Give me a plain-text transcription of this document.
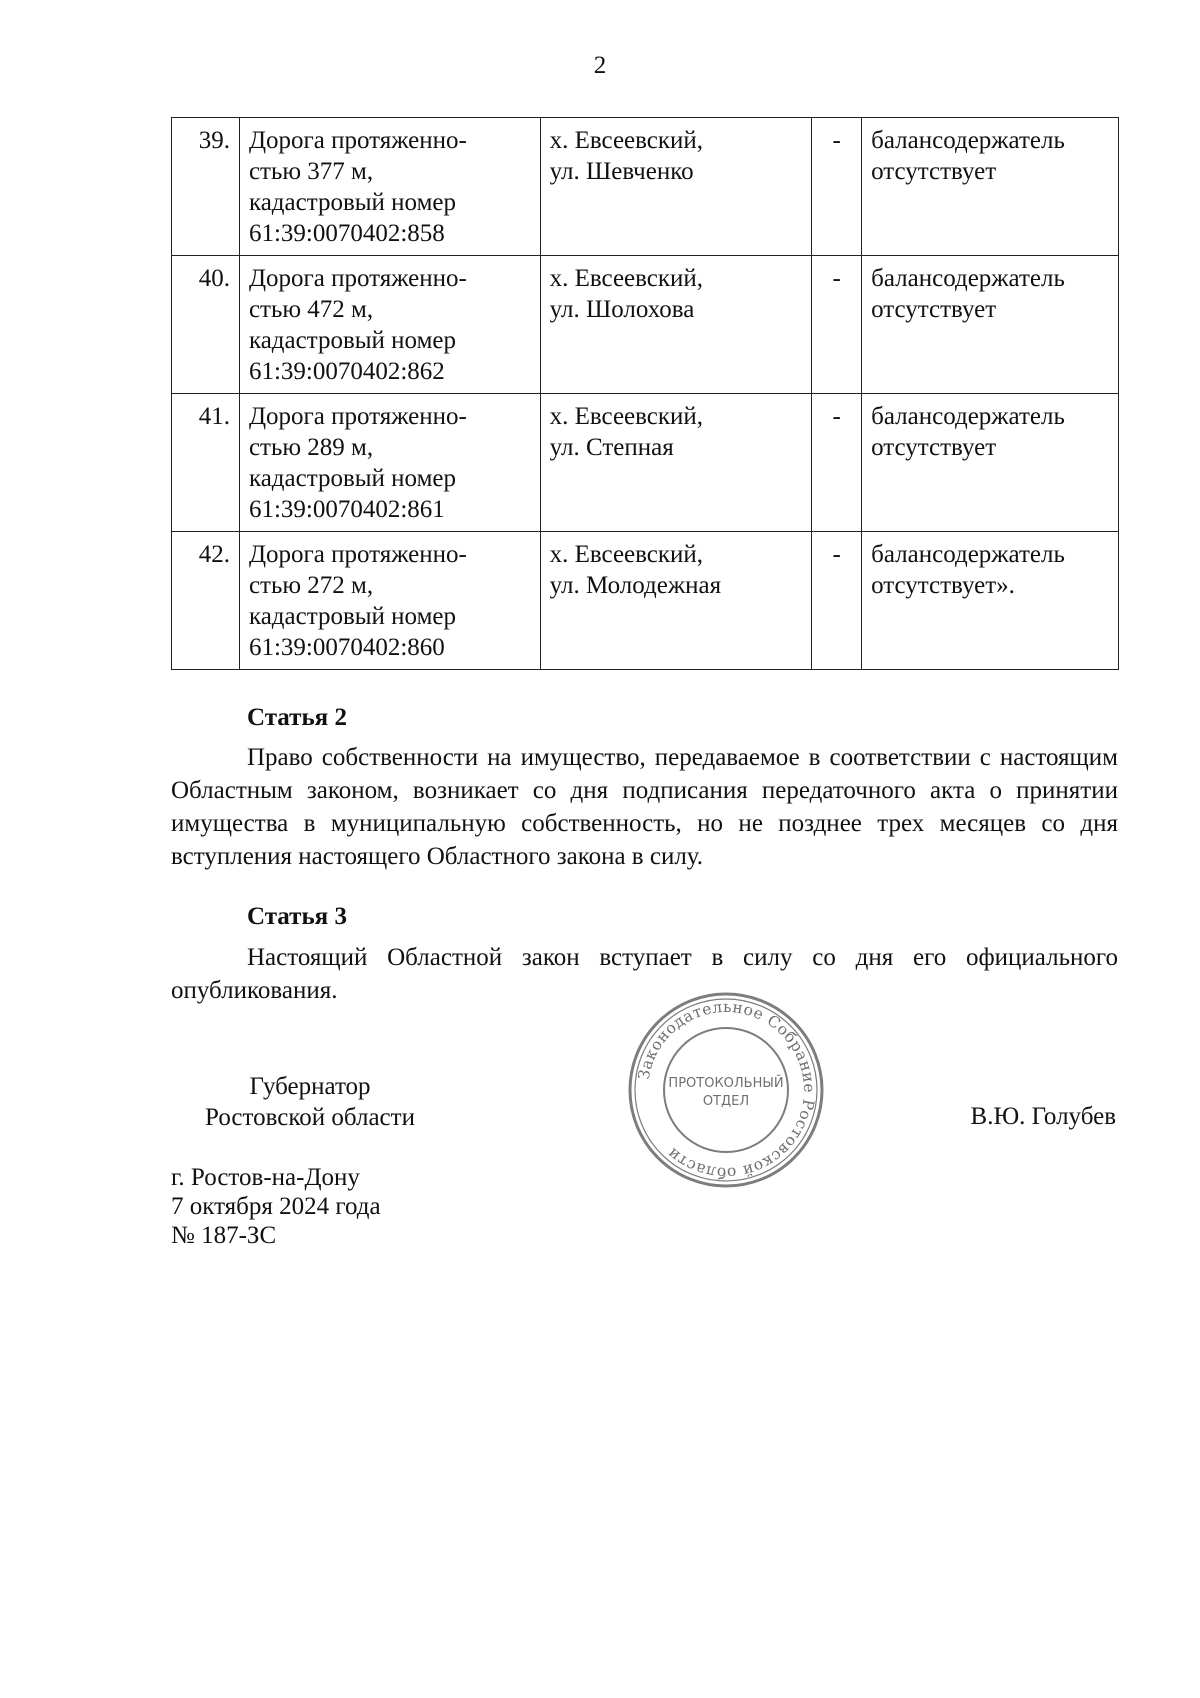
2
39.	Дорога протяженно-
стью 377 м,
кадастровый номер
61:39:0070402:858	х. Евсеевский,
ул. Шевченко	-	балансодержатель
отсутствует
40.	Дорога протяженно-
стью 472 м,
кадастровый номер
61:39:0070402:862	х. Евсеевский,
ул. Шолохова	-	балансодержатель
отсутствует
41.	Дорога протяженно-
стью 289 м,
кадастровый номер
61:39:0070402:861	х. Евсеевский,
ул. Степная	-	балансодержатель
отсутствует
42.	Дорога протяженно-
стью 272 м,
кадастровый номер
61:39:0070402:860	х. Евсеевский,
ул. Молодежная	-	балансодержатель
отсутствует».
Статья 2

Право собственности на имущество, передаваемое в соответствии с настоящим Областным законом, возникает со дня подписания передаточного акта о принятии имущества в муниципальную собственность, но не позднее трех месяцев со дня вступления настоящего Областного закона в силу.

Статья 3

Настоящий Областной закон вступает в силу со дня его официального опубликования.

Губернатор
Ростовской области	В.Ю. Голубев
Законодательное Собрание Ростовской области
ПРОТОКОЛЬНЫЙ
ОТДЕЛ
г. Ростов-на-Дону
7 октября 2024 года
№ 187-ЗС
